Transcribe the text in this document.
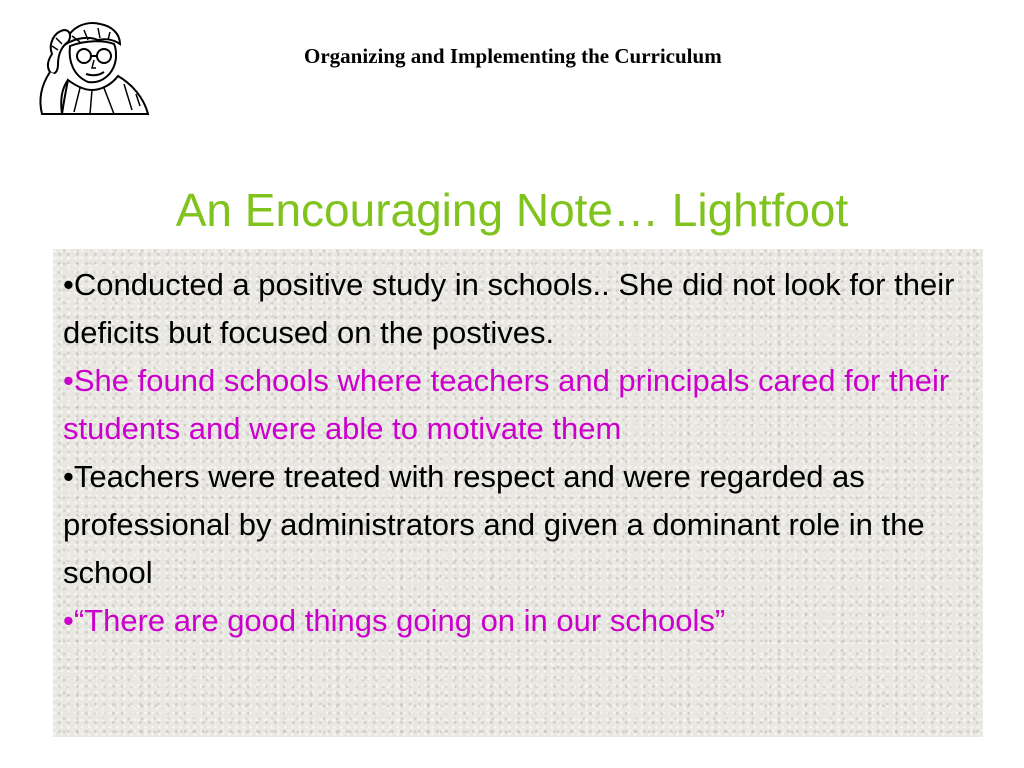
Organizing and Implementing the Curriculum
An Encouraging Note… Lightfoot

•Conducted a positive study in schools.. She did not look for their deficits but focused on the postives.

•She found schools where teachers and principals cared for their students and were able to motivate them

•Teachers were treated with respect and were regarded as professional by administrators and given a dominant role in the school

•“There are good things going on in our schools”
